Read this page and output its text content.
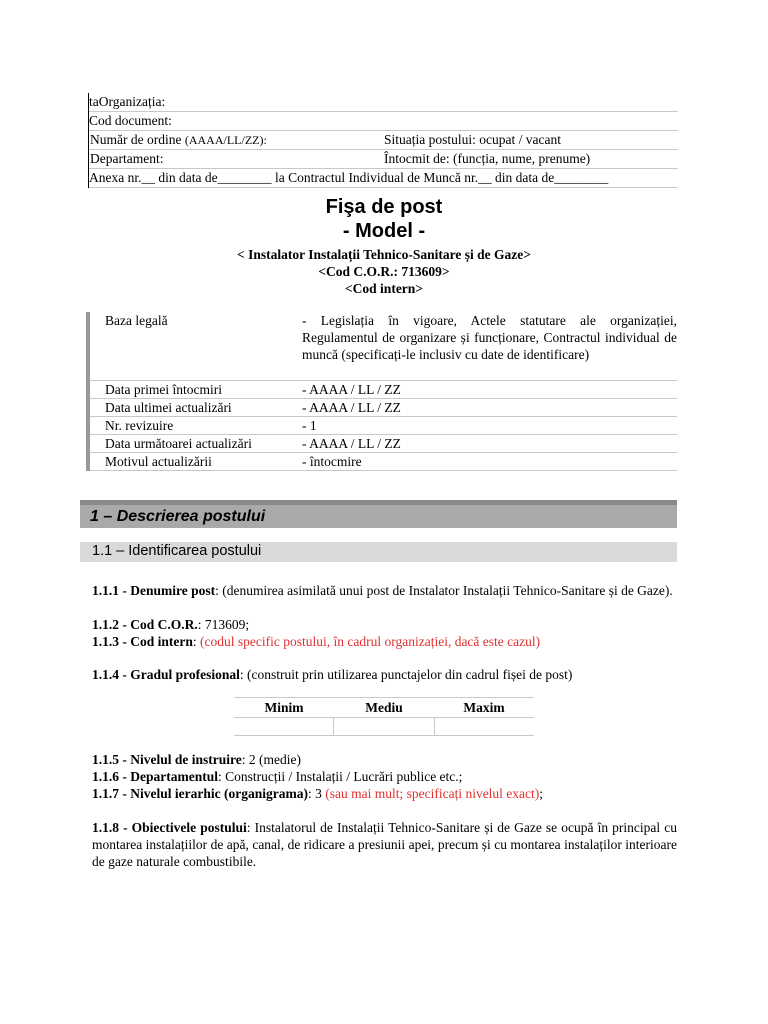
taOrganizația:
Cod document:
Număr de ordine (AAAA/LL/ZZ):	Situația postului: ocupat / vacant
Departament:	Întocmit de: (funcția, nume, prenume)
Anexa nr.__ din data de________ la Contractul Individual de Muncă nr.__ din data de________
Fişa de post
- Model -
< Instalator Instalații Tehnico-Sanitare și de Gaze>
<Cod C.O.R.: 713609>
<Cod intern>
Baza legală	- Legislația în vigoare, Actele statutare ale organizației, Regulamentul de organizare și funcționare, Contractul individual de muncă (specificați-le inclusiv cu date de identificare)
Data primei întocmiri	- AAAA / LL / ZZ
Data ultimei actualizări	- AAAA / LL / ZZ
Nr. revizuire	- 1
Data următoarei actualizări	- AAAA / LL / ZZ
Motivul actualizării	- întocmire
1 – Descrierea postului
1.1 – Identificarea postului
1.1.1 - Denumire post: (denumirea asimilată unui post de Instalator Instalații Tehnico-Sanitare și de Gaze).
1.1.2 - Cod C.O.R.: 713609;
1.1.3 - Cod intern: (codul specific postului, în cadrul organizației, dacă este cazul)
1.1.4 - Gradul profesional: (construit prin utilizarea punctajelor din cadrul fișei de post)
Minim	Mediu	Maxim
1.1.5 - Nivelul de instruire: 2 (medie)
1.1.6 - Departamentul: Construcții / Instalații / Lucrări publice etc.;
1.1.7 - Nivelul ierarhic (organigrama): 3 (sau mai mult; specificați nivelul exact);
1.1.8 - Obiectivele postului: Instalatorul de Instalații Tehnico-Sanitare și de Gaze se ocupă în principal cu montarea instalațiilor de apă, canal, de ridicare a presiunii apei, precum și cu montarea instalaților interioare de gaze naturale combustibile.
